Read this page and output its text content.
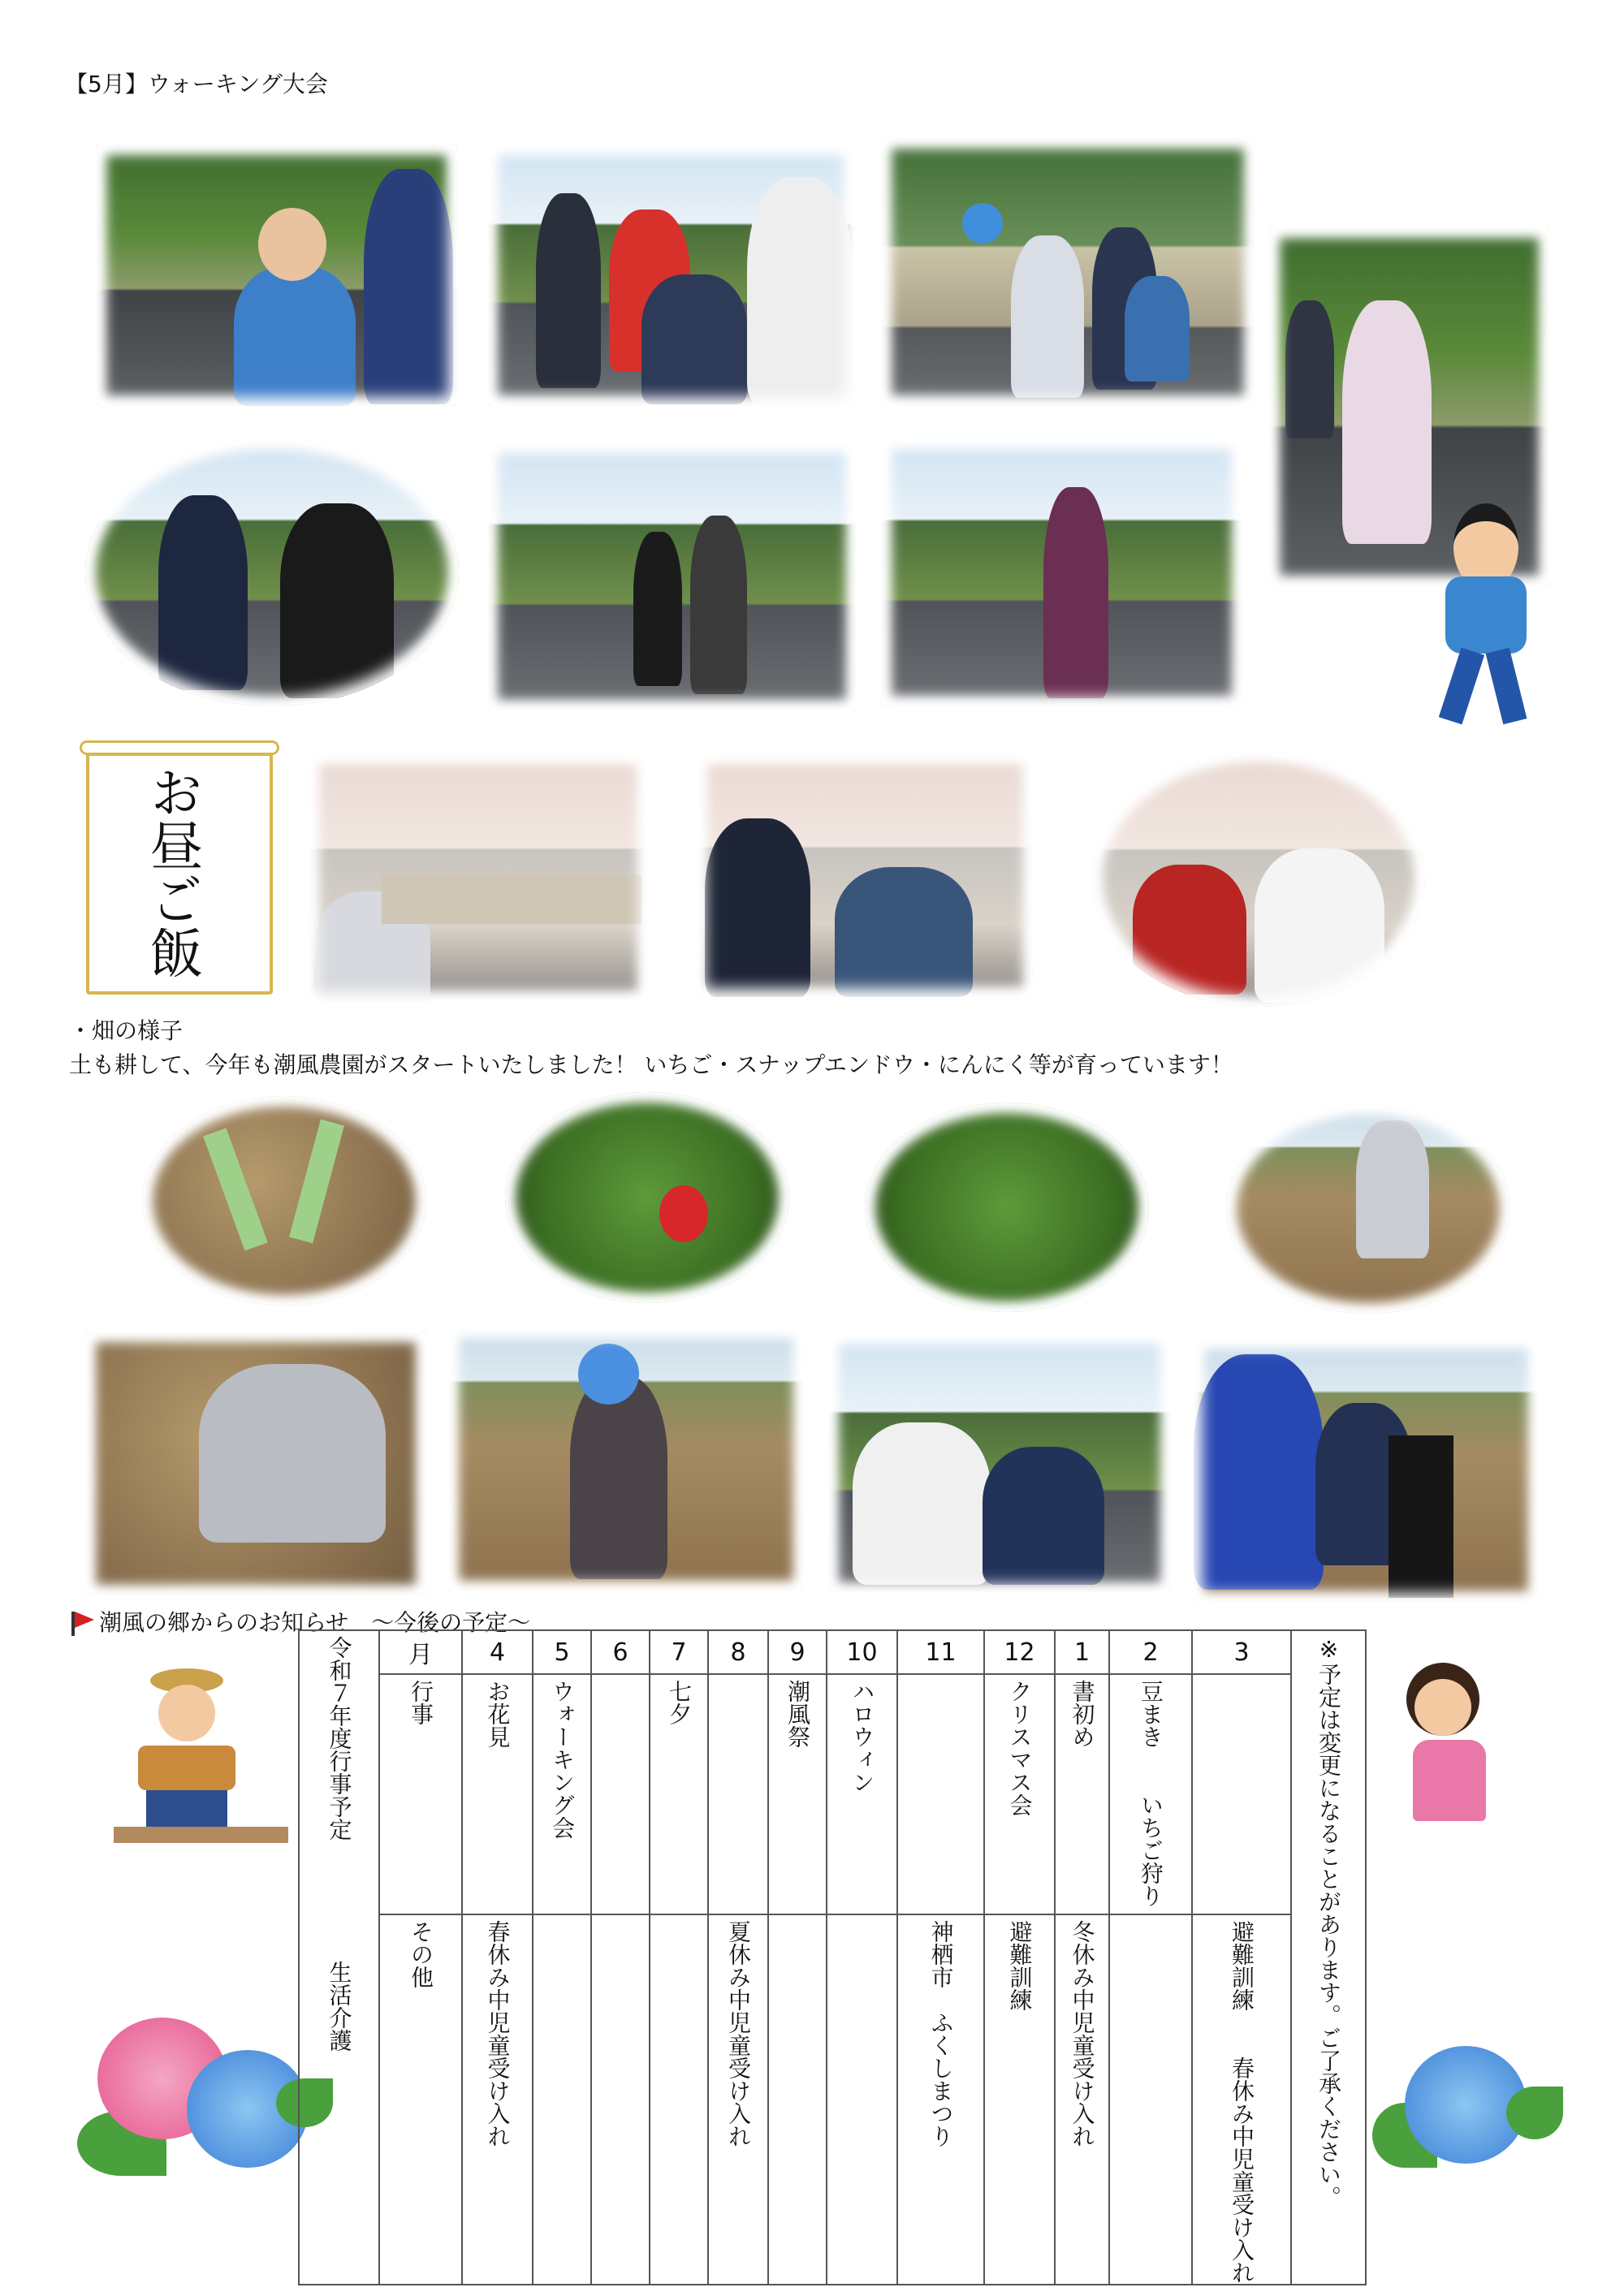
【5月】ウォーキング大会
お昼ご飯
・畑の様子
土も耕して、今年も潮風農園がスタートいたしました！ いちご・スナップエンドウ・にんにく等が育っています！
潮風の郷からのお知らせ　～今後の予定～
令和７年度行事予定
生活介護	月	4	5	6	7	8	9	10	11	12	1	2	3	※予定は変更になることがあります。ご了承ください。

	行事	お花見	ウォーキング会		七夕		潮風祭	ハロウィン		クリスマス会	書初め	豆まき　　いちご狩り		

	その他	春休み中児童受け入れ				夏休み中児童受け入れ			神栖市　ふくしまつり	避難訓練	冬休み中児童受け入れ		避難訓練　　春休み中児童受け入れ	
